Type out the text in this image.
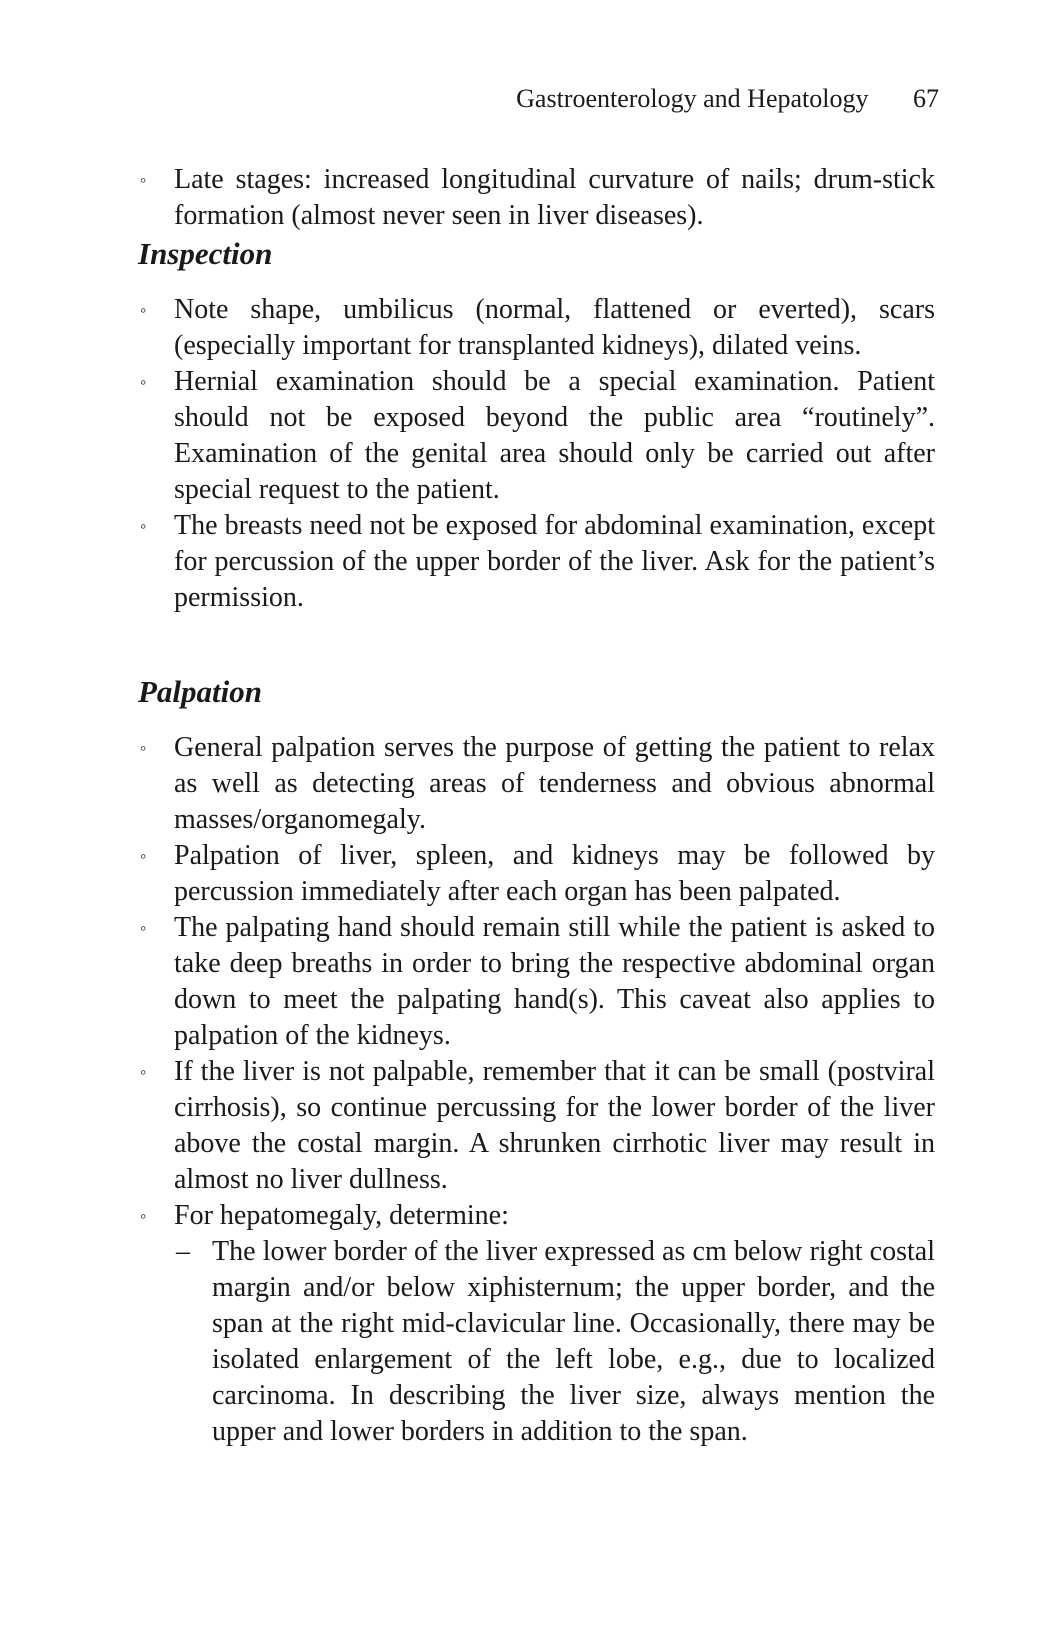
Gastroenterology and Hepatology 67
◦ Late stages: increased longitudinal curvature of nails; drum-stick formation (almost never seen in liver diseases).
Inspection
◦ Note shape, umbilicus (normal, flattened or everted), scars (especially important for transplanted kidneys), dilated veins.
◦ Hernial examination should be a special examination. Patient should not be exposed beyond the public area “routinely”. Examination of the genital area should only be carried out after special request to the patient.
◦ The breasts need not be exposed for abdominal examination, except for percussion of the upper border of the liver. Ask for the patient’s permission.
Palpation
◦ General palpation serves the purpose of getting the patient to relax as well as detecting areas of tenderness and obvious abnormal masses/organomegaly.
◦ Palpation of liver, spleen, and kidneys may be followed by percussion immediately after each organ has been palpated.
◦ The palpating hand should remain still while the patient is asked to take deep breaths in order to bring the respective abdominal organ down to meet the palpating hand(s). This caveat also applies to palpation of the kidneys.
◦ If the liver is not palpable, remember that it can be small (postviral cirrhosis), so continue percussing for the lower border of the liver above the costal margin. A shrunken cirrhotic liver may result in almost no liver dullness.
◦ For hepatomegaly, determine:
– The lower border of the liver expressed as cm below right costal margin and/or below xiphisternum; the upper border, and the span at the right mid-clavicular line. Occasionally, there may be isolated enlargement of the left lobe, e.g., due to localized carcinoma. In describing the liver size, always mention the upper and lower borders in addition to the span.
